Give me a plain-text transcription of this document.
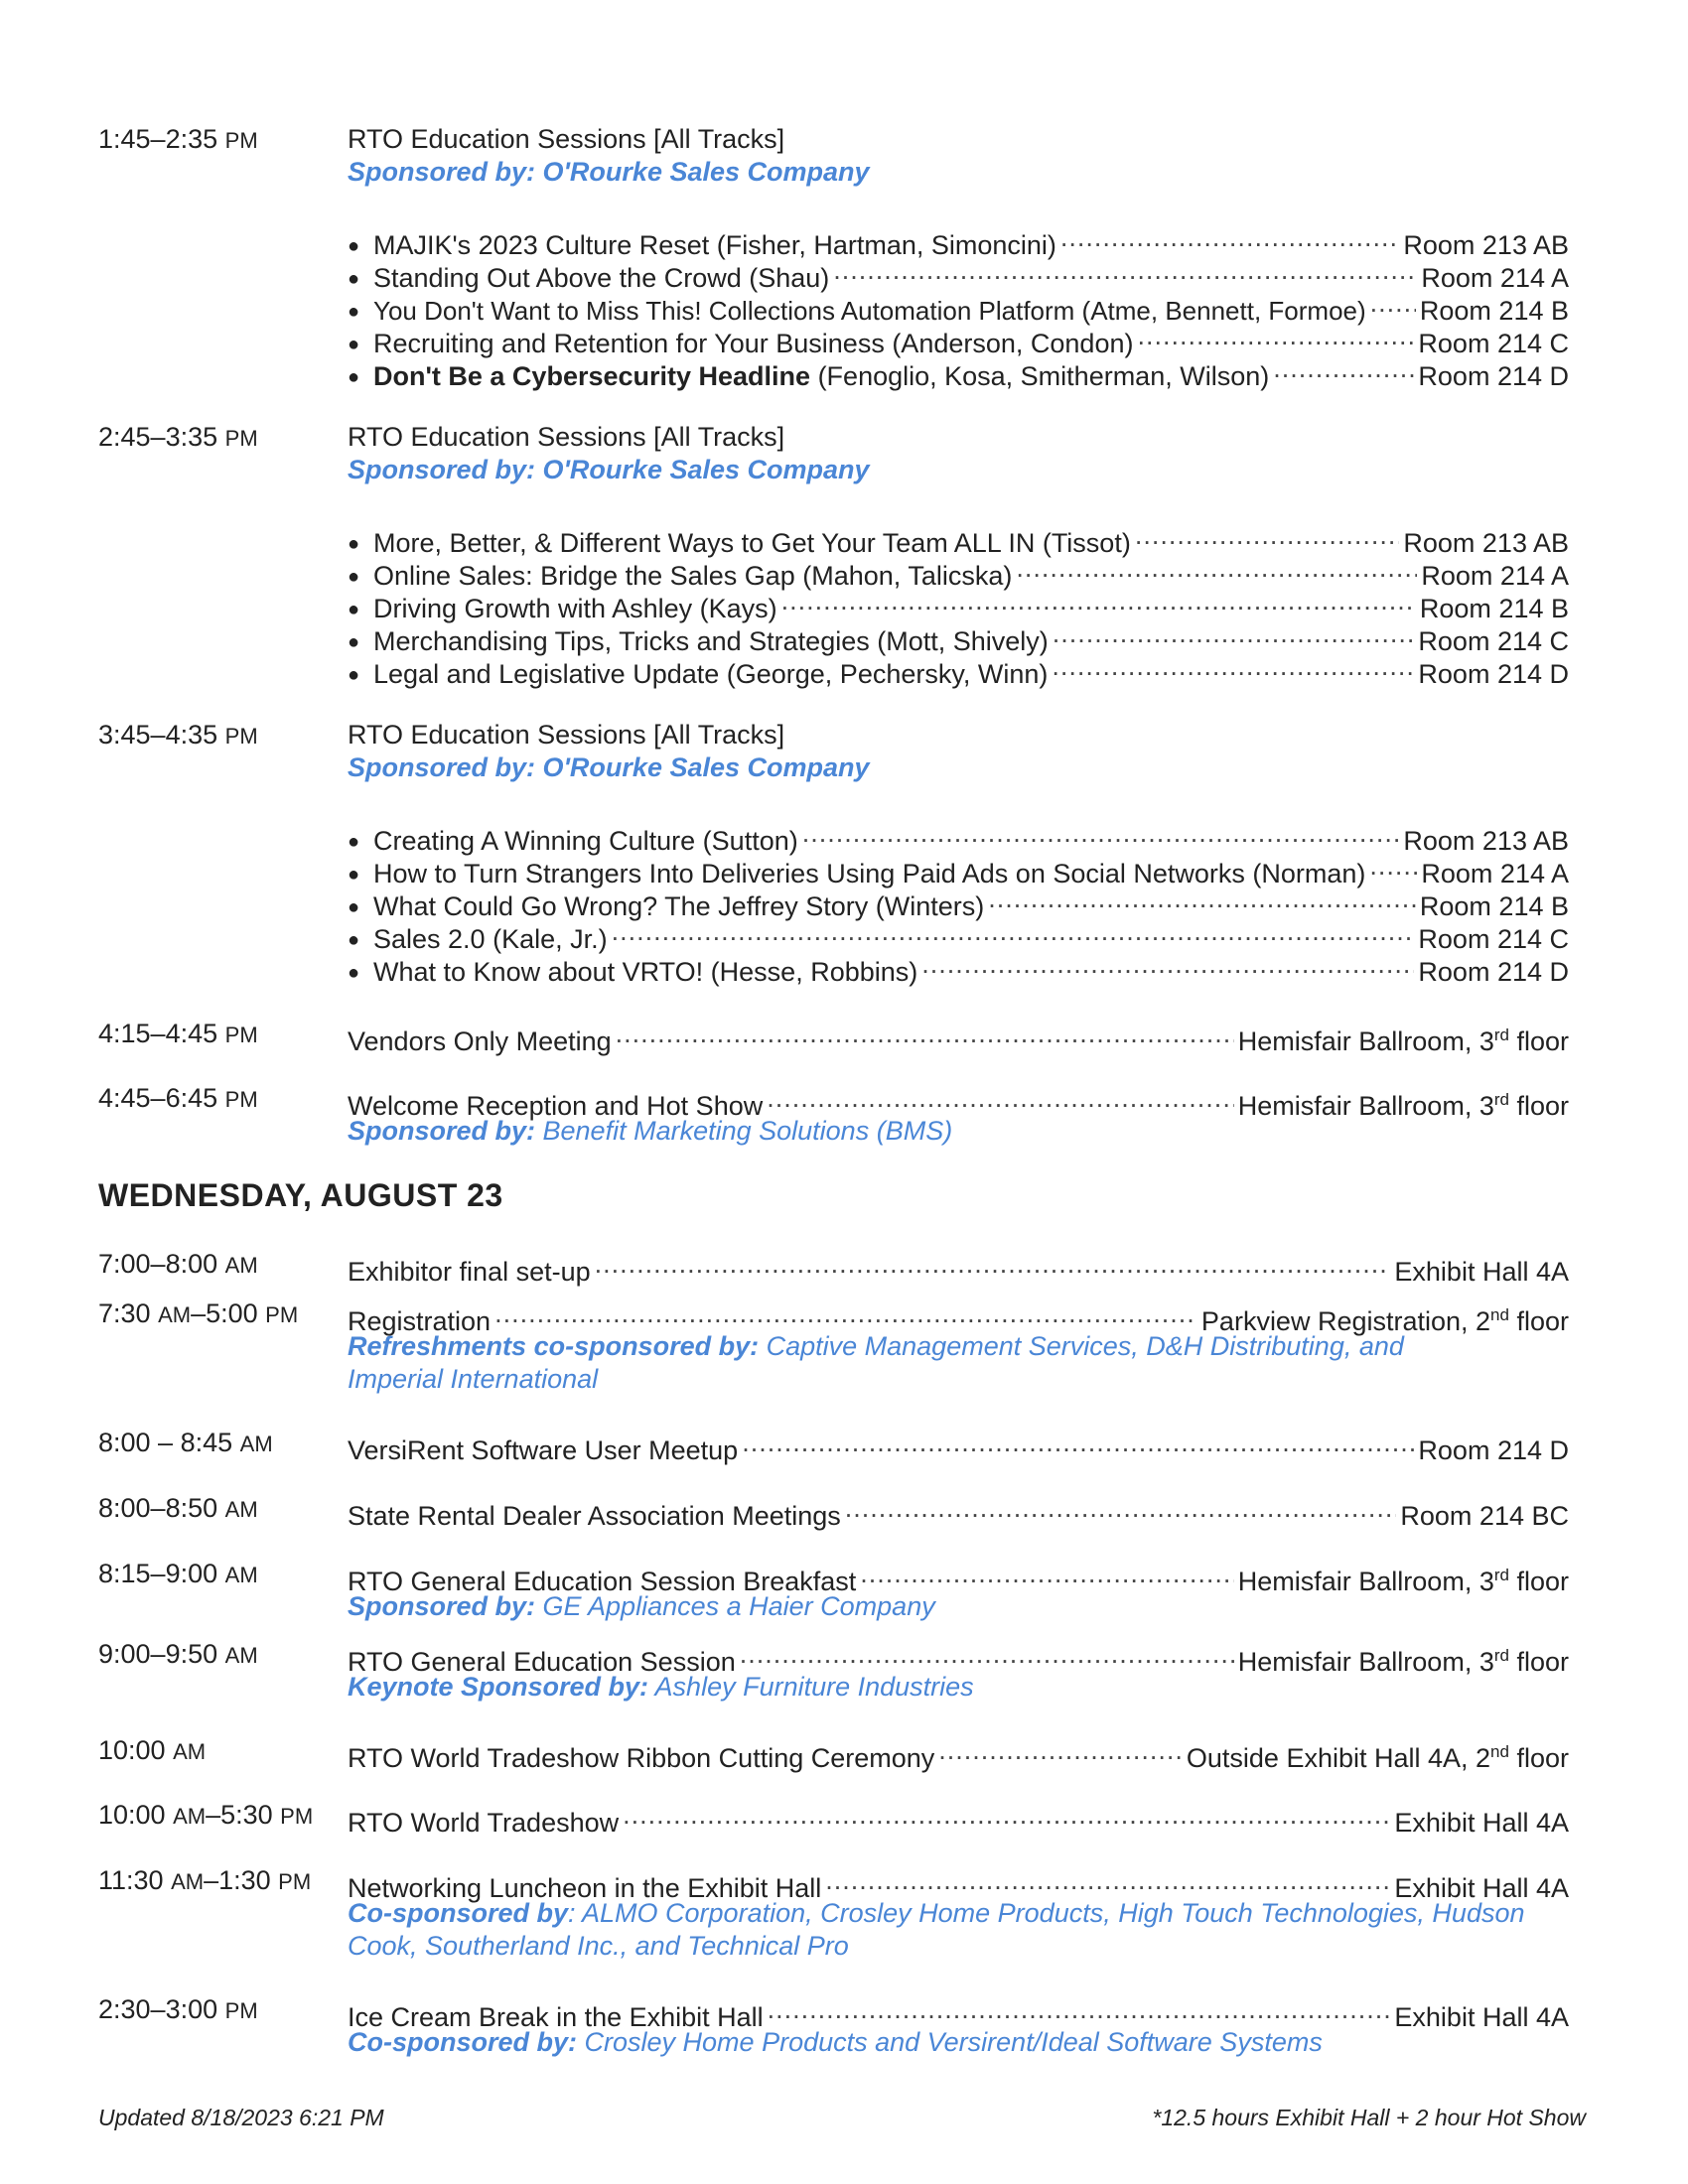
1:45–2:35 PM	RTO Education Sessions [All Tracks]
Sponsored by: O'Rourke Sales Company
● MAJIK's 2023 Culture Reset (Fisher, Hartman, Simoncini) .....	Room 213 AB
● Standing Out Above the Crowd (Shau) .....	Room 214 A
● You Don't Want to Miss This! Collections Automation Platform (Atme, Bennett, Formoe) ..... Room 214 B
● Recruiting and Retention for Your Business (Anderson, Condon) .....	Room 214 C
● Don't Be a Cybersecurity Headline (Fenoglio, Kosa, Smitherman, Wilson) .....	Room 214 D
2:45–3:35 PM	RTO Education Sessions [All Tracks]
Sponsored by: O'Rourke Sales Company
● More, Better, & Different Ways to Get Your Team ALL IN (Tissot) .....	Room 213 AB
● Online Sales: Bridge the Sales Gap (Mahon, Talicska) .....	Room 214 A
● Driving Growth with Ashley (Kays) .....	Room 214 B
● Merchandising Tips, Tricks and Strategies (Mott, Shively) .....	Room 214 C
● Legal and Legislative Update (George, Pechersky, Winn) .....	Room 214 D
3:45–4:35 PM	RTO Education Sessions [All Tracks]
Sponsored by: O'Rourke Sales Company
● Creating A Winning Culture (Sutton) .....	Room 213 AB
● How to Turn Strangers Into Deliveries Using Paid Ads on Social Networks (Norman) ..... Room 214 A
● What Could Go Wrong? The Jeffrey Story (Winters) .....	Room 214 B
● Sales 2.0 (Kale, Jr.) .....	Room 214 C
● What to Know about VRTO! (Hesse, Robbins) .....	Room 214 D
4:15–4:45 PM	Vendors Only Meeting .....	Hemisfair Ballroom, 3rd floor
4:45–6:45 PM	Welcome Reception and Hot Show .....	Hemisfair Ballroom, 3rd floor
Sponsored by: Benefit Marketing Solutions (BMS)
WEDNESDAY, AUGUST 23
7:00–8:00 AM	Exhibitor final set-up .....	Exhibit Hall 4A
7:30 AM–5:00 PM Registration .....	Parkview Registration, 2nd floor
Refreshments co-sponsored by: Captive Management Services, D&H Distributing, and
Imperial International
8:00 – 8:45 AM	VersiRent Software User Meetup .....	Room 214 D
8:00–8:50 AM	State Rental Dealer Association Meetings .....	Room 214 BC
8:15–9:00 AM	RTO General Education Session Breakfast .....	Hemisfair Ballroom, 3rd floor
Sponsored by: GE Appliances a Haier Company
9:00–9:50 AM	RTO General Education Session .....	Hemisfair Ballroom, 3rd floor
Keynote Sponsored by: Ashley Furniture Industries
10:00 AM	RTO World Tradeshow Ribbon Cutting Ceremony .....	Outside Exhibit Hall 4A, 2nd floor
10:00 AM–5:30 PM RTO World Tradeshow .....	Exhibit Hall 4A
11:30 AM–1:30 PM Networking Luncheon in the Exhibit Hall .....	Exhibit Hall 4A
Co-sponsored by: ALMO Corporation, Crosley Home Products, High Touch Technologies, Hudson
Cook, Southerland Inc., and Technical Pro
2:30–3:00 PM	Ice Cream Break in the Exhibit Hall .....	Exhibit Hall 4A
Co-sponsored by: Crosley Home Products and Versirent/Ideal Software Systems
Updated 8/18/2023 6:21 PM	*12.5 hours Exhibit Hall + 2 hour Hot Show
